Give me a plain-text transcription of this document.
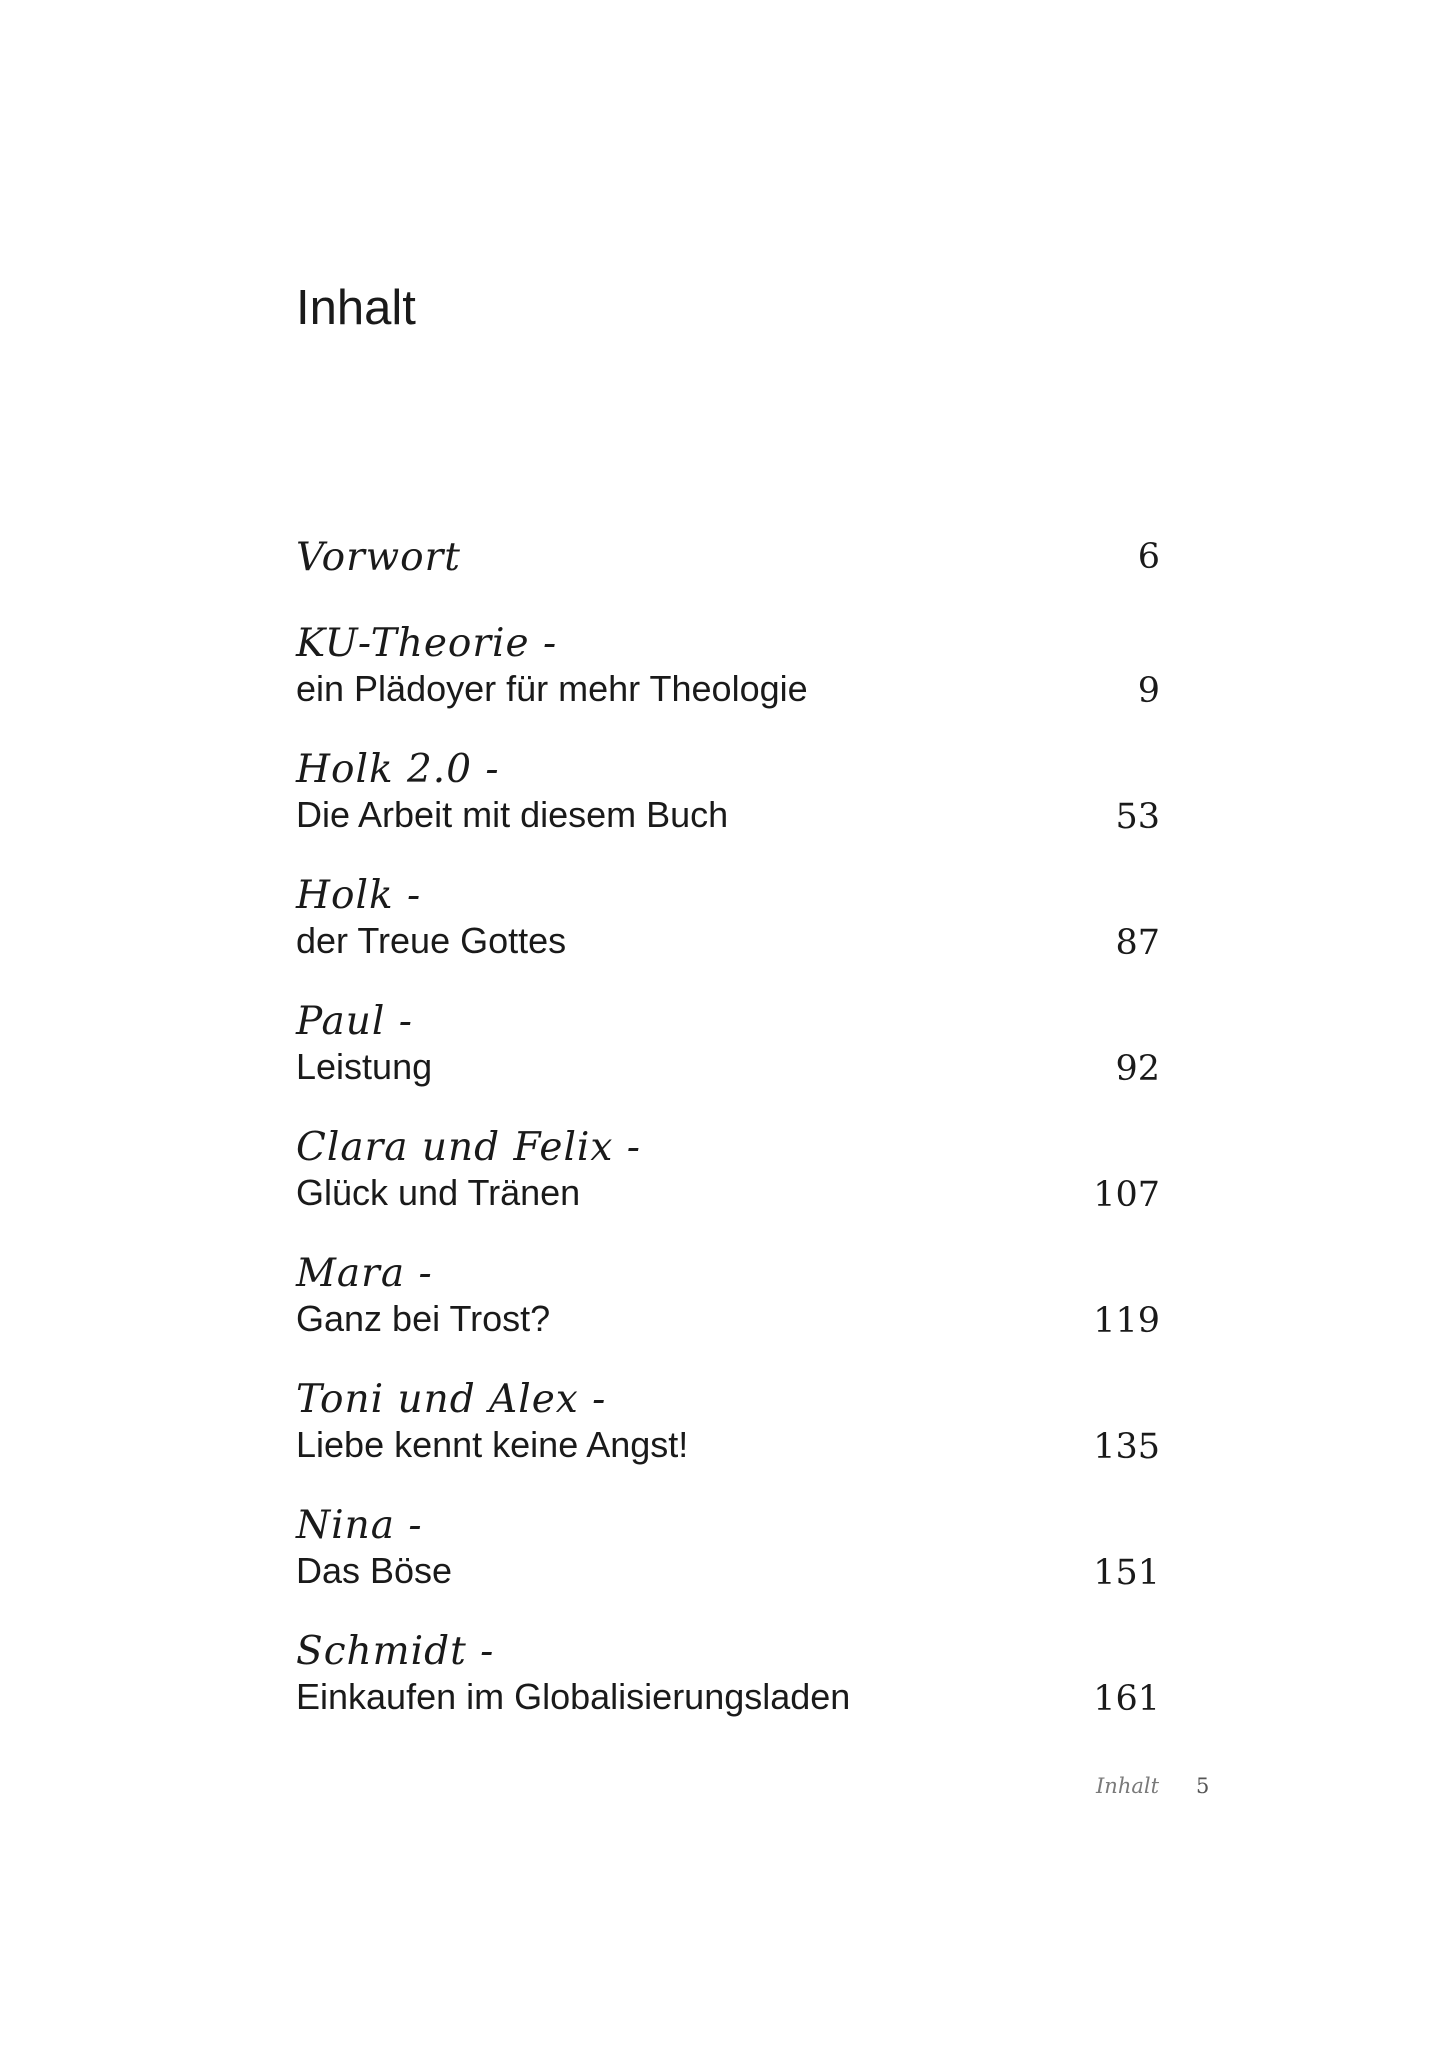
Inhalt
Vorwort	6
KU-Theorie -
ein Plädoyer für mehr Theologie	9
Holk 2.0 -
Die Arbeit mit diesem Buch	53
Holk -
der Treue Gottes	87
Paul -
Leistung	92
Clara und Felix -
Glück und Tränen	107
Mara -
Ganz bei Trost?	119
Toni und Alex -
Liebe kennt keine Angst!	135
Nina -
Das Böse	151
Schmidt -
Einkaufen im Globalisierungsladen	161
Inhalt 5
